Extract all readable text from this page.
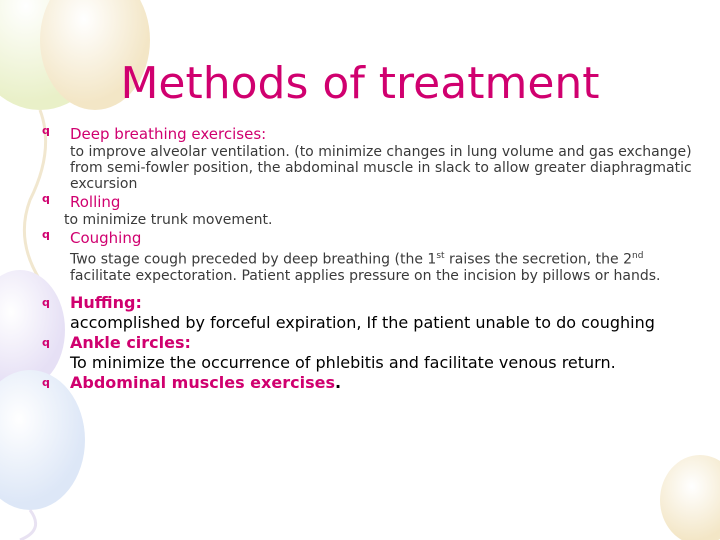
Methods of treatment
q	Deep breathing exercises:
to improve alveolar ventilation. (to minimize changes in lung volume and gas exchange) from semi-fowler position, the abdominal muscle in slack to allow greater diaphragmatic excursion
q	Rolling
to minimize trunk movement.
q	Coughing
Two stage cough preceded by deep breathing (the 1st raises the secretion, the 2nd facilitate expectoration. Patient applies pressure on the incision by pillows or hands.
q	Huffing:
accomplished by forceful expiration, If the patient unable to do coughing
q	Ankle circles:
To minimize the occurrence of phlebitis and facilitate venous return.
q	Abdominal muscles exercises.
